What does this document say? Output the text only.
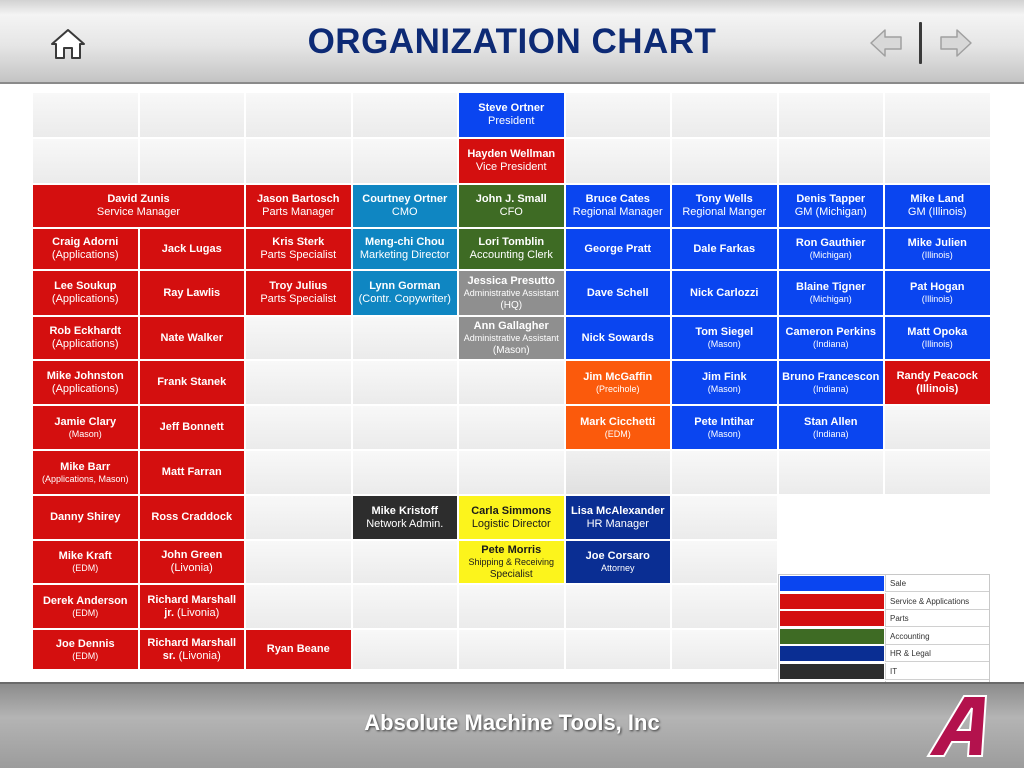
ORGANIZATION CHART
Steve Ortner
President
Hayden Wellman
Vice President
David Zunis
Service Manager
Jason Bartosch
Parts Manager
Courtney Ortner
CMO
John J. Small
CFO
Bruce Cates
Regional Manager
Tony Wells
Regional Manger
Denis Tapper
GM (Michigan)
Mike Land
GM (Illinois)
Craig Adorni
(Applications)
Jack Lugas
Kris Sterk
Parts Specialist
Meng-chi Chou
Marketing Director
Lori Tomblin
Accounting Clerk
George Pratt	Dale Farkas	Ron Gauthier
(Michigan)
Mike Julien
(Illinois)
Lee Soukup
(Applications)
Ray Lawlis
Troy Julius
Parts Specialist
Lynn Gorman
(Contr. Copywriter)
Jessica Presutto
Administrative Assistant
(HQ)
Dave Schell	Nick Carlozzi	Blaine Tigner
(Michigan)
Pat Hogan
(Illinois)
Rob Eckhardt
(Applications)
Nate Walker
Ann Gallagher
Administrative Assistant
(Mason)
Nick Sowards	Tom Siegel
(Mason)
Cameron Perkins
(Indiana)
Matt Opoka
(Illinois)
Mike Johnston
(Applications)
Frank Stanek	Jim McGaffin
(Precihole)
Jim Fink
(Mason)
Bruno Francescon
(Indiana)
Randy Peacock
(Illinois)
Jamie Clary
(Mason)
Jeff Bonnett	Mark Cicchetti
(EDM)
Pete Intihar
(Mason)
Stan Allen
(Indiana)
Mike Barr
(Applications, Mason)
Matt Farran
Danny Shirey	Ross Craddock
Mike Kristoff
Network Admin.
Carla Simmons
Logistic Director
Lisa McAlexander
HR Manager
Mike Kraft
(EDM)
John Green
(Livonia)
Pete Morris
Shipping & Receiving
Specialist
Joe Corsaro
Attorney
Derek Anderson
(EDM)
Richard Marshall
jr. (Livonia)
Joe Dennis
(EDM)
Richard Marshall
sr. (Livonia)
Ryan Beane
Sale
Service & Applications
Parts
Accounting
HR & Legal
IT
Absolute Machine Tools, Inc
